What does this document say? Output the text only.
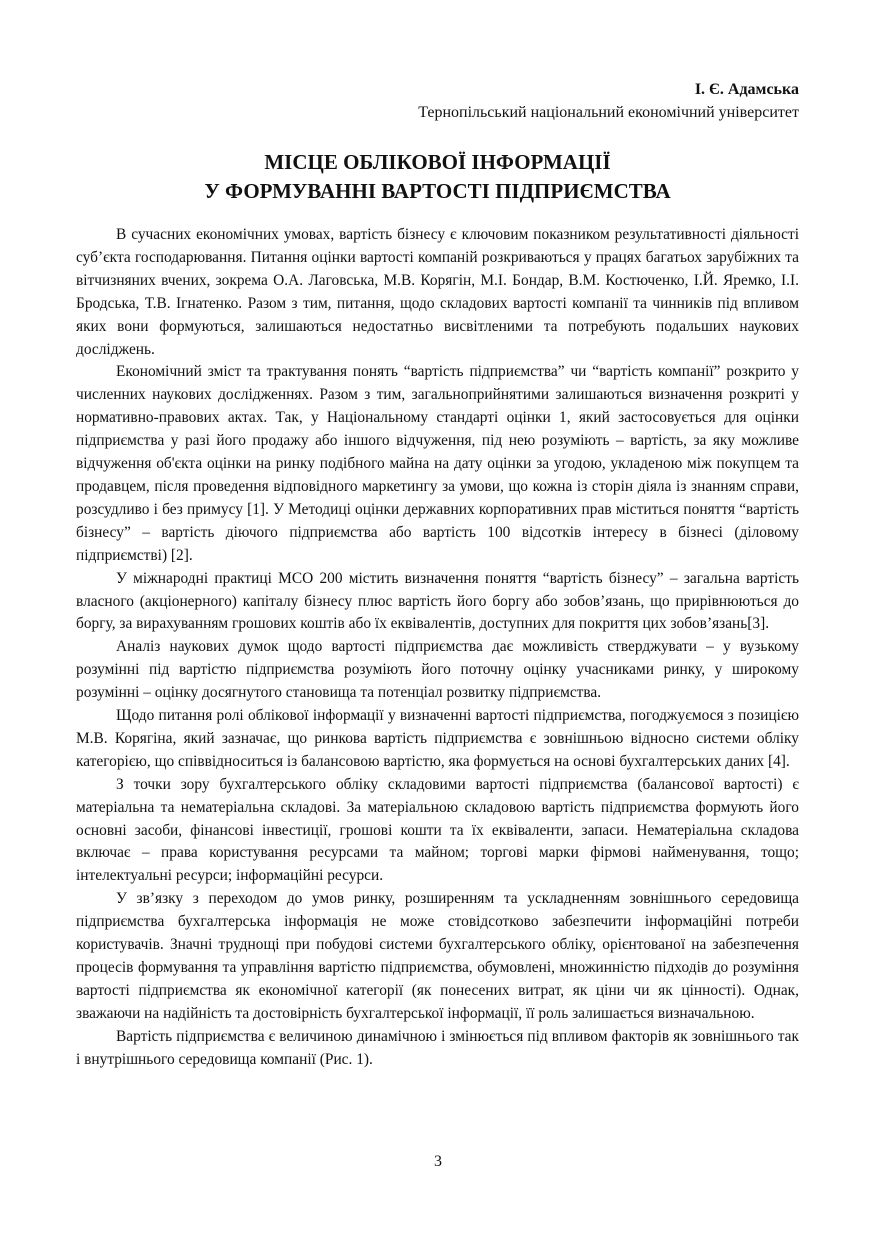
І. Є. Адамська

Тернопільський національний економічний університет

МІСЦЕ ОБЛІКОВОЇ ІНФОРМАЦІЇ
У ФОРМУВАННІ ВАРТОСТІ ПІДПРИЄМСТВА

В сучасних економічних умовах, вартість бізнесу є ключовим показником результативності діяльності суб’єкта господарювання. Питання оцінки вартості компаній розкриваються у працях багатьох зарубіжних та вітчизняних вчених, зокрема О.А. Лаговська, М.В. Корягін, М.І. Бондар, В.М. Костюченко, І.Й. Яремко, І.І. Бродська, Т.В. Ігнатенко. Разом з тим, питання, щодо складових вартості компанії та чинників під впливом яких вони формуються, залишаються недостатньо висвітленими та потребують подальших наукових досліджень.

Економічний зміст та трактування понять “вартість підприємства” чи “вартість компанії” розкрито у численних наукових дослідженнях. Разом з тим, загальноприйнятими залишаються визначення розкриті у нормативно-правових актах. Так, у Національному стандарті оцінки 1, який застосовується для оцінки підприємства у разі його продажу або іншого відчуження, під нею розуміють – вартість, за яку можливе відчуження об'єкта оцінки на ринку подібного майна на дату оцінки за угодою, укладеною між покупцем та продавцем, після проведення відповідного маркетингу за умови, що кожна із сторін діяла із знанням справи, розсудливо і без примусу [1]. У Методиці оцінки державних корпоративних прав міститься поняття “вартість бізнесу” – вартість діючого підприємства або вартість 100 відсотків інтересу в бізнесі (діловому підприємстві) [2].

У міжнародні практиці МСО 200 містить визначення поняття “вартість бізнесу” – загальна вартість власного (акціонерного) капіталу бізнесу плюс вартість його боргу або зобов’язань, що прирівнюються до боргу, за вирахуванням грошових коштів або їх еквівалентів, доступних для покриття цих зобов’язань[3].

Аналіз наукових думок щодо вартості підприємства дає можливість стверджувати – у вузькому розумінні під вартістю підприємства розуміють його поточну оцінку учасниками ринку, у широкому розумінні – оцінку досягнутого становища та потенціал розвитку підприємства.

Щодо питання ролі облікової інформації у визначенні вартості підприємства, погоджуємося з позицією М.В. Корягіна, який зазначає, що ринкова вартість підприємства є зовнішньою відносно системи обліку категорією, що співвідноситься із балансовою вартістю, яка формується на основі бухгалтерських даних [4].

З точки зору бухгалтерського обліку складовими вартості підприємства (балансової вартості) є матеріальна та нематеріальна складові. За матеріальною складовою вартість підприємства формують його основні засоби, фінансові інвестиції, грошові кошти та їх еквіваленти, запаси. Нематеріальна складова включає – права користування ресурсами та майном; торгові марки фірмові найменування, тощо; інтелектуальні ресурси; інформаційні ресурси.

У зв’язку з переходом до умов ринку, розширенням та ускладненням зовнішнього середовища підприємства бухгалтерська інформація не може стовідсотково забезпечити інформаційні потреби користувачів. Значні труднощі при побудові системи бухгалтерського обліку, орієнтованої на забезпечення процесів формування та управління вартістю підприємства, обумовлені, множинністю підходів до розуміння вартості підприємства як економічної категорії (як понесених витрат, як ціни чи як цінності). Однак, зважаючи на надійність та достовірність бухгалтерської інформації, її роль залишається визначальною.

Вартість підприємства є величиною динамічною і змінюється під впливом факторів як зовнішнього так і внутрішнього середовища компанії (Рис. 1).

3
